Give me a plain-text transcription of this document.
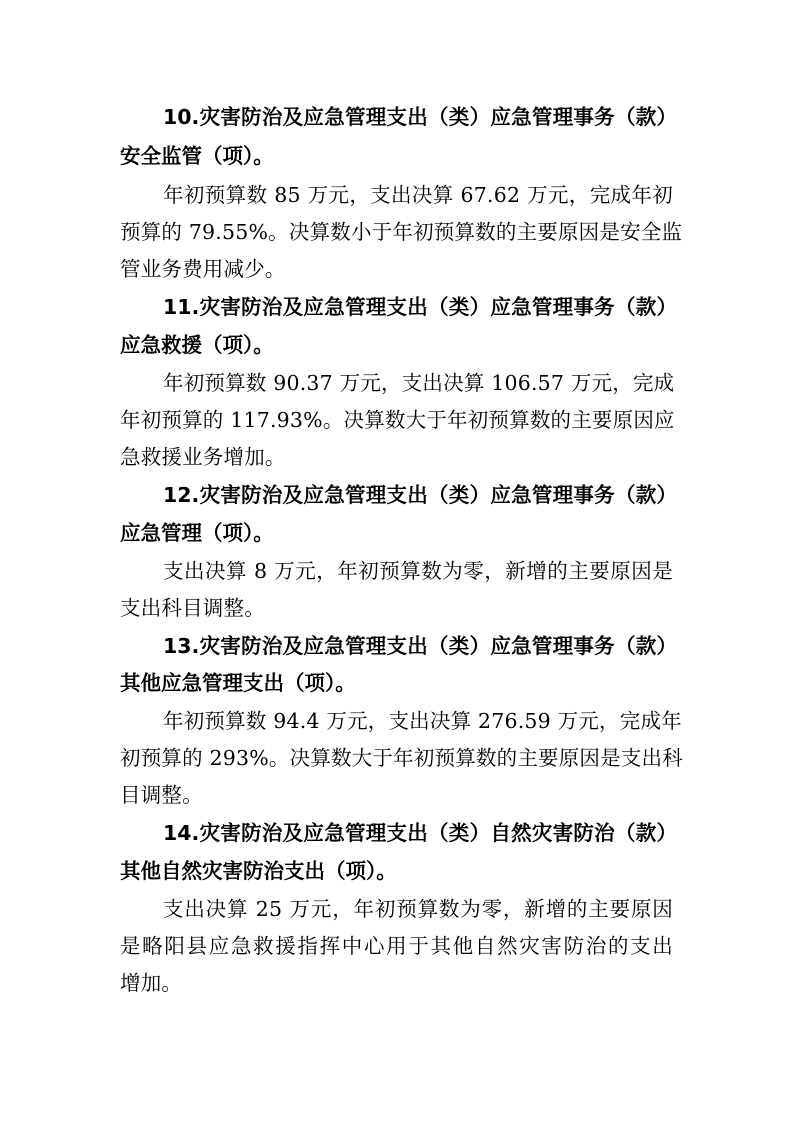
10.灾害防治及应急管理支出（类）应急管理事务（款）
安全监管（项）。
年初预算数 85 万元，支出决算 67.62 万元，完成年初
预算的 79.55%。决算数小于年初预算数的主要原因是安全监
管业务费用减少。
11.灾害防治及应急管理支出（类）应急管理事务（款）
应急救援（项）。
年初预算数 90.37 万元，支出决算 106.57 万元，完成
年初预算的 117.93%。决算数大于年初预算数的主要原因应
急救援业务增加。
12.灾害防治及应急管理支出（类）应急管理事务（款）
应急管理（项）。
支出决算 8 万元，年初预算数为零，新增的主要原因是
支出科目调整。
13.灾害防治及应急管理支出（类）应急管理事务（款）
其他应急管理支出（项）。
年初预算数 94.4 万元，支出决算 276.59 万元，完成年
初预算的 293%。决算数大于年初预算数的主要原因是支出科
目调整。
14.灾害防治及应急管理支出（类）自然灾害防治（款）
其他自然灾害防治支出（项）。
支出决算 25 万元，年初预算数为零，新增的主要原因
是略阳县应急救援指挥中心用于其他自然灾害防治的支出
增加。
